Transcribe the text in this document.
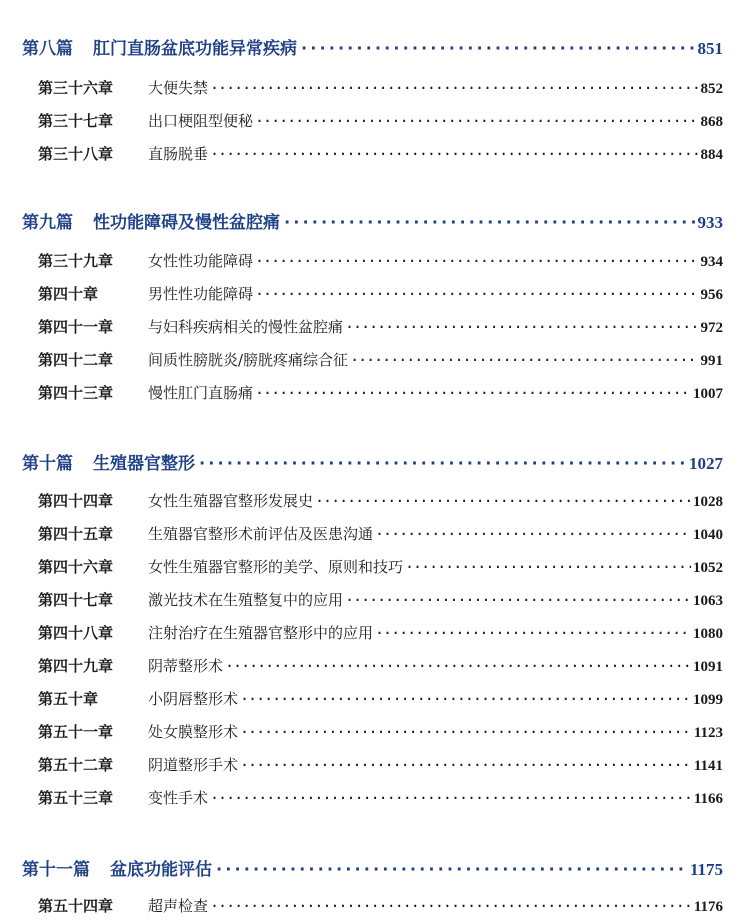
第八篇 肛门直肠盆底功能异常疾病 ·····	851
第三十六章	大便失禁 ·····	852
第三十七章	出口梗阻型便秘 ·····	868
第三十八章	直肠脱垂 ·····	884
第九篇 性功能障碍及慢性盆腔痛 ·····	933
第三十九章	女性性功能障碍 ·····	934
第四十章	男性性功能障碍 ·····	956
第四十一章	与妇科疾病相关的慢性盆腔痛 ·····	972
第四十二章	间质性膀胱炎/膀胱疼痛综合征 ·····	991
第四十三章	慢性肛门直肠痛 ·····	1007
第十篇 生殖器官整形 ·····	1027
第四十四章	女性生殖器官整形发展史 ·····	1028
第四十五章	生殖器官整形术前评估及医患沟通 ·····	1040
第四十六章	女性生殖器官整形的美学、原则和技巧 ·····	1052
第四十七章	激光技术在生殖整复中的应用 ·····	1063
第四十八章	注射治疗在生殖器官整形中的应用 ·····	1080
第四十九章	阴蒂整形术 ·····	1091
第五十章	小阴唇整形术 ·····	1099
第五十一章	处女膜整形术 ·····	1123
第五十二章	阴道整形手术 ·····	1141
第五十三章	变性手术 ·····	1166
第十一篇 盆底功能评估 ·····	1175
第五十四章	超声检查 ·····	1176
